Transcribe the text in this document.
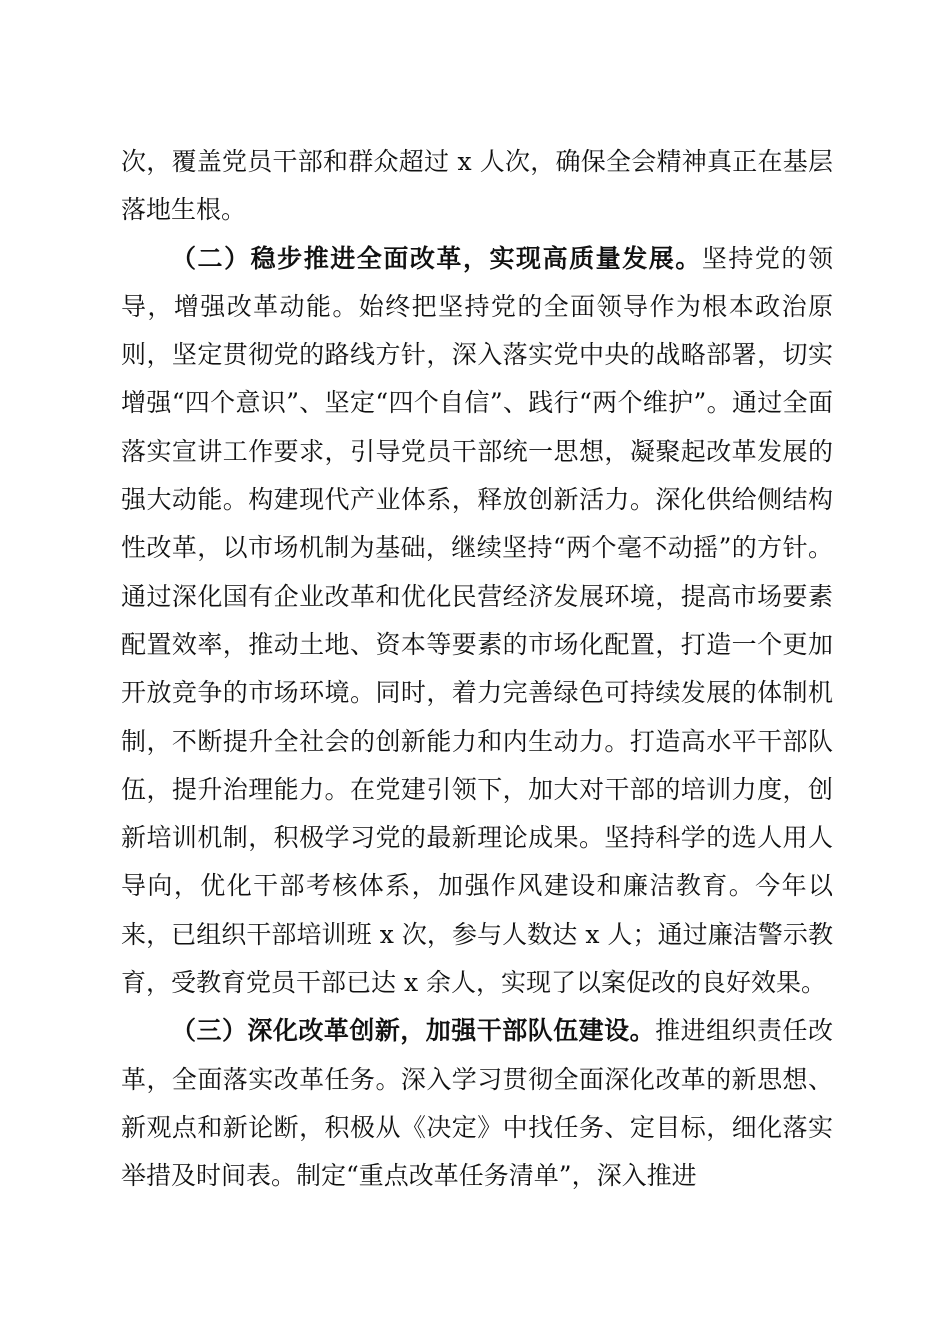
次，覆盖党员干部和群众超过 x 人次，确保全会精神真正在基层落地生根。

（二）稳步推进全面改革，实现高质量发展。坚持党的领导，增强改革动能。始终把坚持党的全面领导作为根本政治原则，坚定贯彻党的路线方针，深入落实党中央的战略部署，切实增强“四个意识”、坚定“四个自信”、践行“两个维护”。通过全面落实宣讲工作要求，引导党员干部统一思想，凝聚起改革发展的强大动能。构建现代产业体系，释放创新活力。深化供给侧结构性改革，以市场机制为基础，继续坚持“两个毫不动摇”的方针。通过深化国有企业改革和优化民营经济发展环境，提高市场要素配置效率，推动土地、资本等要素的市场化配置，打造一个更加开放竞争的市场环境。同时，着力完善绿色可持续发展的体制机制，不断提升全社会的创新能力和内生动力。打造高水平干部队伍，提升治理能力。在党建引领下，加大对干部的培训力度，创新培训机制，积极学习党的最新理论成果。坚持科学的选人用人导向，优化干部考核体系，加强作风建设和廉洁教育。今年以来，已组织干部培训班 x 次，参与人数达 x 人；通过廉洁警示教育，受教育党员干部已达 x 余人，实现了以案促改的良好效果。

（三）深化改革创新，加强干部队伍建设。推进组织责任改革，全面落实改革任务。深入学习贯彻全面深化改革的新思想、新观点和新论断，积极从《决定》中找任务、定目标，细化落实举措及时间表。制定“重点改革任务清单”，深入推进
